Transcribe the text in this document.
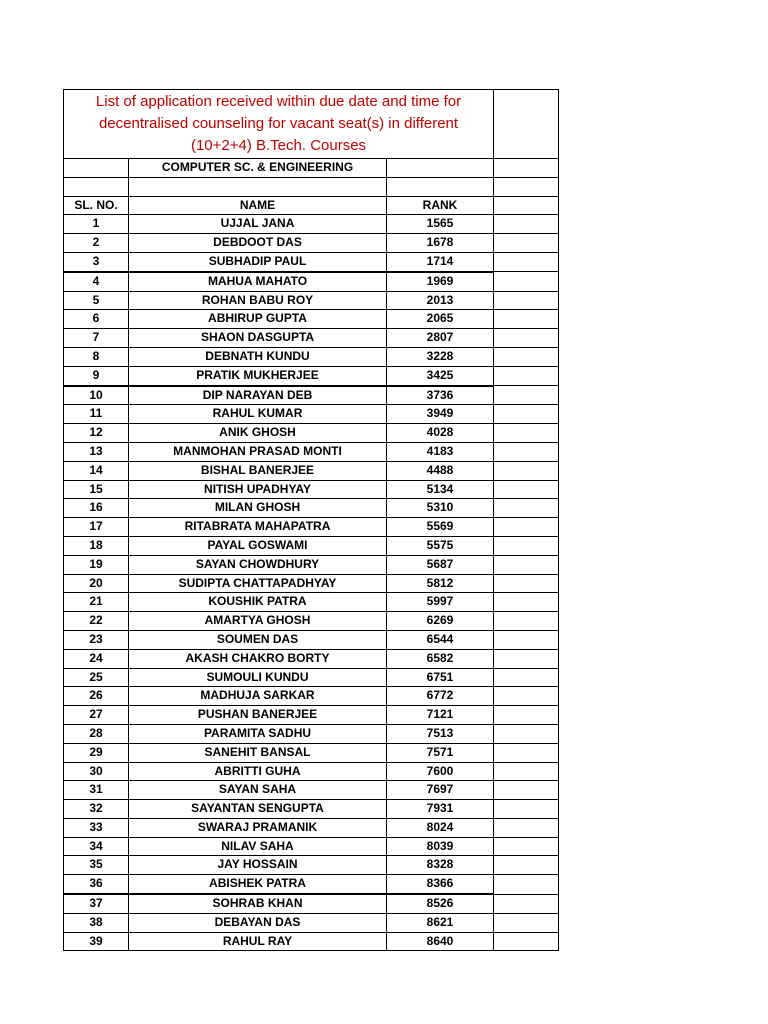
List of application received within due date and time for decentralised counseling for vacant seat(s) in different (10+2+4) B.Tech. Courses			
	COMPUTER SC. & ENGINEERING		

SL. NO.	NAME	RANK	
1	UJJAL JANA	1565	
2	DEBDOOT DAS	1678	
3	SUBHADIP PAUL	1714	
4	MAHUA MAHATO	1969	
5	ROHAN BABU ROY	2013	
6	ABHIRUP GUPTA	2065	
7	SHAON DASGUPTA	2807	
8	DEBNATH KUNDU	3228	
9	PRATIK MUKHERJEE	3425	
10	DIP NARAYAN DEB	3736	
11	RAHUL KUMAR	3949	
12	ANIK GHOSH	4028	
13	MANMOHAN PRASAD MONTI	4183	
14	BISHAL BANERJEE	4488	
15	NITISH UPADHYAY	5134	
16	MILAN GHOSH	5310	
17	RITABRATA MAHAPATRA	5569	
18	PAYAL GOSWAMI	5575	
19	SAYAN CHOWDHURY	5687	
20	SUDIPTA CHATTAPADHYAY	5812	
21	KOUSHIK PATRA	5997	
22	AMARTYA GHOSH	6269	
23	SOUMEN DAS	6544	
24	AKASH CHAKRO BORTY	6582	
25	SUMOULI KUNDU	6751	
26	MADHUJA SARKAR	6772	
27	PUSHAN BANERJEE	7121	
28	PARAMITA SADHU	7513	
29	SANEHIT BANSAL	7571	
30	ABRITTI GUHA	7600	
31	SAYAN SAHA	7697	
32	SAYANTAN SENGUPTA	7931	
33	SWARAJ PRAMANIK	8024	
34	NILAV SAHA	8039	
35	JAY HOSSAIN	8328	
36	ABISHEK PATRA	8366	
37	SOHRAB KHAN	8526	
38	DEBAYAN DAS	8621	
39	RAHUL RAY	8640	
